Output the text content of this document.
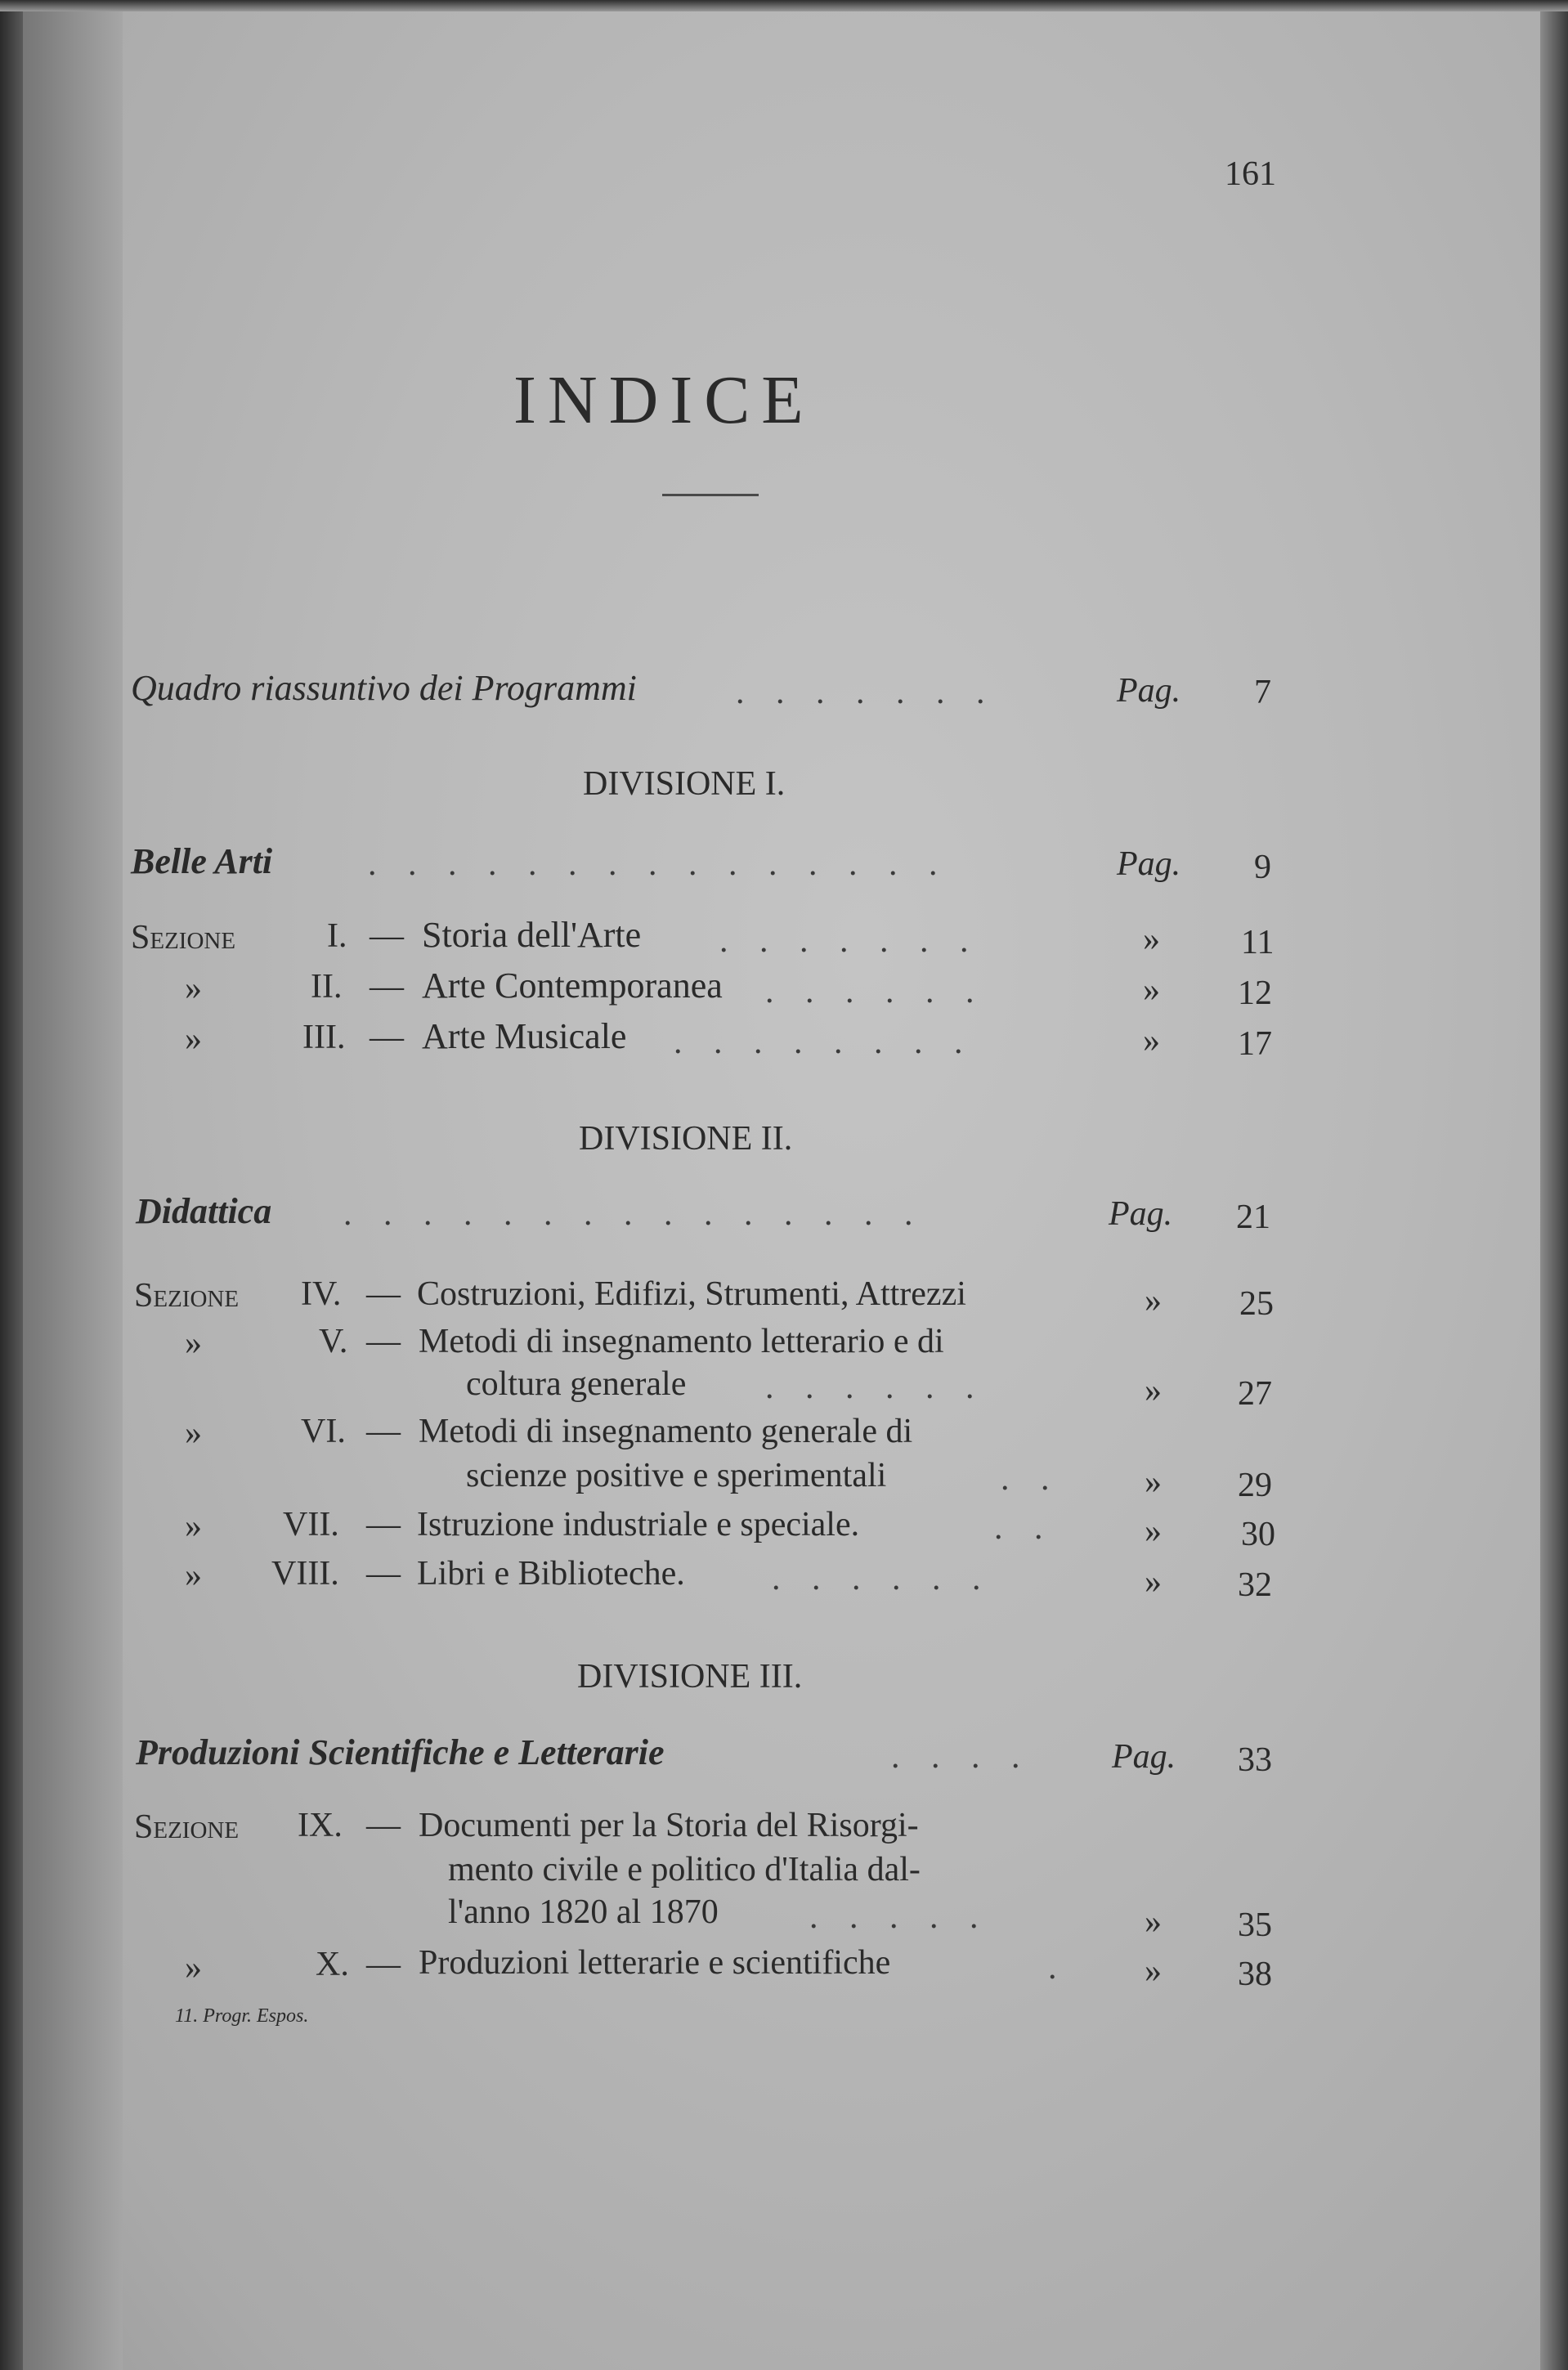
161
INDICE
Quadro riassuntivo dei Programmi	. . . . . . .	Pag. 7
DIVISIONE I.
Belle Arti	. . . . . . . . . . . . . . .	Pag. 9
Sezione	I. — Storia dell'Arte . . . . . . .	» 11
»	II. — Arte Contemporanea . . . . . .	» 12
»	III. — Arte Musicale . . . . . . . .	» 17
DIVISIONE II.
Didattica . . . . . . . . . . . . . . .	Pag. 21
Sezione IV. — Costruzioni, Edifizi, Strumenti, Attrezzi	» 25
»	V. — Metodi di insegnamento letterario e di
coltura generale . . . . . .	» 27
»	VI. — Metodi di insegnamento generale di
scienze positive e sperimentali	. . » 29
» VII. — Istruzione industriale e speciale.	. .	» 30
» VIII. — Libri e Biblioteche.	. . . . . .	» 32
DIVISIONE III.
Produzioni Scientifiche e Letterarie	. . . . Pag. 33
Sezione IX. — Documenti per la Storia del Risorgi-
mento civile e politico d'Italia dal-
l'anno 1820 al 1870	. . . . .	» 35
»	X. — Produzioni letterarie e scientifiche	. » 38
11. Progr. Espos.
